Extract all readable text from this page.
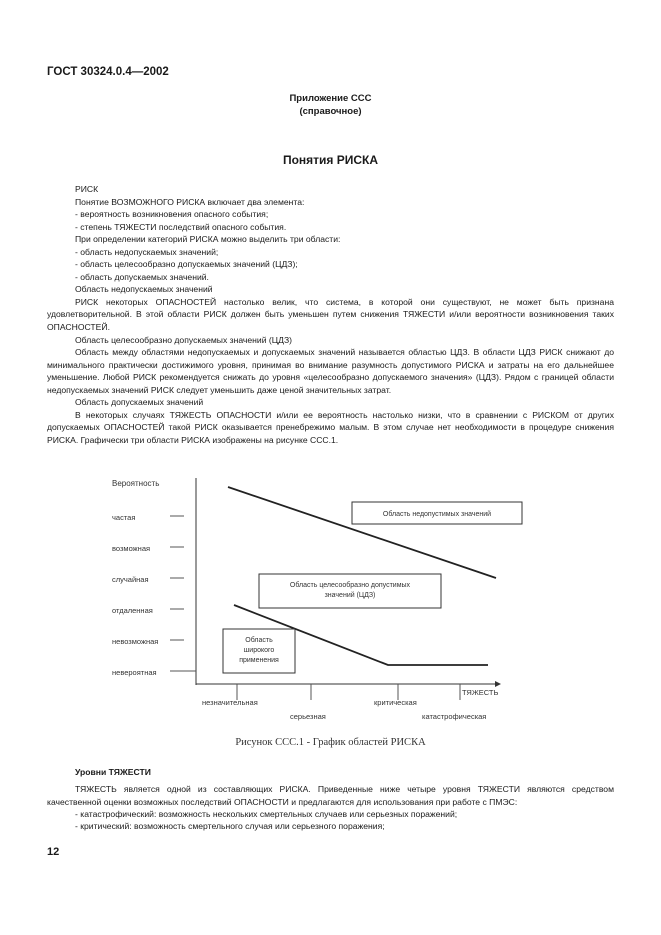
ГОСТ 30324.0.4—2002
Приложение ССС
(справочное)
Понятия РИСКА

РИСК

Понятие ВОЗМОЖНОГО РИСКА включает два элемента:

- вероятность возникновения опасного события;

- степень ТЯЖЕСТИ последствий опасного события.

При определении категорий РИСКА можно выделить три области:

- область недопускаемых значений;

- область целесообразно допускаемых значений (ЦДЗ);

- область допускаемых значений.

Область недопускаемых значений

РИСК некоторых ОПАСНОСТЕЙ настолько велик, что система, в которой они существуют, не может быть признана удовлетворительной. В этой области РИСК должен быть уменьшен путем снижения ТЯЖЕСТИ и/или вероятности возникновения таких ОПАСНОСТЕЙ.

Область целесообразно допускаемых значений (ЦДЗ)

Область между областями недопускаемых и допускаемых значений называется областью ЦДЗ. В области ЦДЗ РИСК снижают до минимального практически достижимого уровня, принимая во внимание разумность допустимого РИСКА и затраты на его дальнейшее уменьшение. Любой РИСК рекомендуется снижать до уровня «целесообразно допускаемого значения» (ЦДЗ). Рядом с границей области недопускаемых значений РИСК следует уменьшить даже ценой значительных затрат.

Область допускаемых значений

В некоторых случаях ТЯЖЕСТЬ ОПАСНОСТИ и/или ее вероятность настолько низки, что в сравнении с РИСКОМ от других допускаемых ОПАСНОСТЕЙ такой РИСК оказывается пренебрежимо малым. В этом случае нет необходимости в процедуре снижения РИСКА. Графически три области РИСКА изображены на рисунке ССС.1.

Вероятность
частая
возможная
случайная
отдаленная
невозможная
невероятная
ТЯЖЕСТЬ
незначительная
серьезная
критическая
катастрофическая
Область недопустимых значений
Область целесообразно допустимых
значений (ЦДЗ)
Область
широкого
применения
Рисунок ССС.1 - График областей РИСКА

Уровни ТЯЖЕСТИ

ТЯЖЕСТЬ является одной из составляющих РИСКА. Приведенные ниже четыре уровня ТЯЖЕСТИ являются средством качественной оценки возможных последствий ОПАСНОСТИ и предлагаются для использования при работе с ПМЭС:

- катастрофический: возможность нескольких смертельных случаев или серьезных поражений;

- критический: возможность смертельного случая или серьезного поражения;

12
